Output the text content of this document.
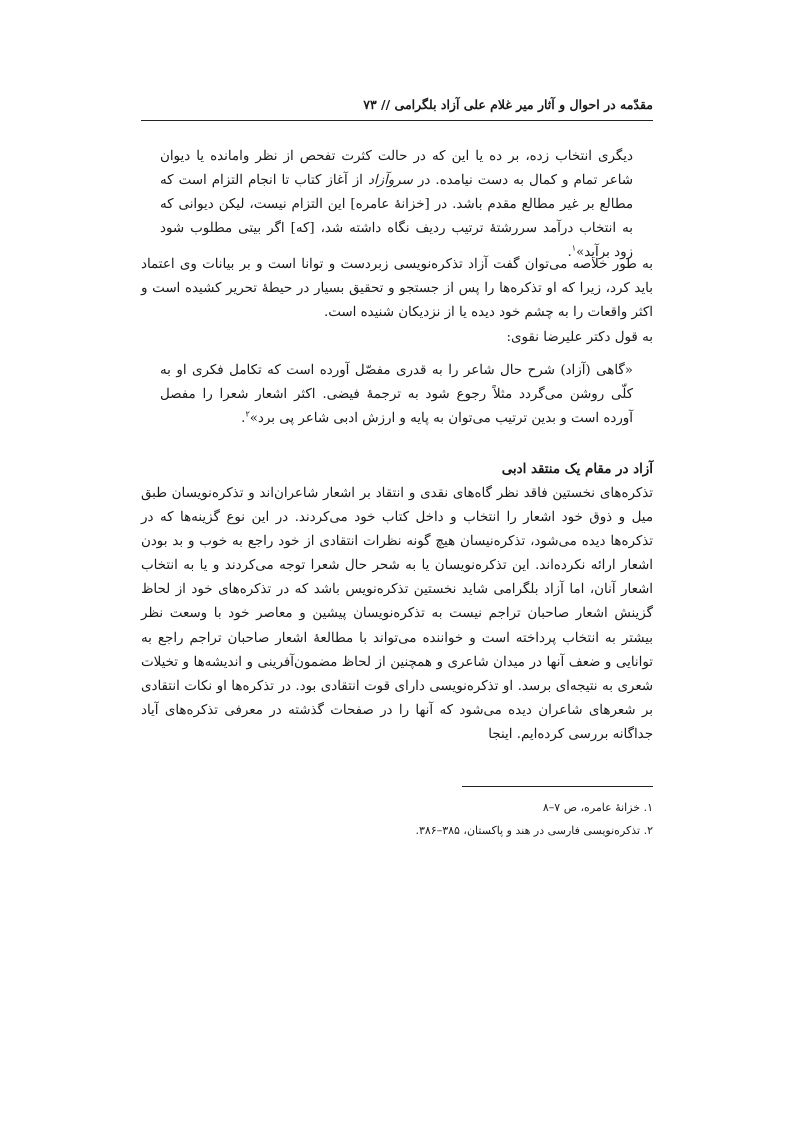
مقدّمه در احوال و آثار میر غلام علی آزاد بلگرامی // ۷۳
دیگری انتخاب زده، بر ده یا این که در حالت کثرت تفحص از نظر وامانده یا دیوان شاعر تمام و کمال به دست نیامده. در سروآزاد از آغاز کتاب تا انجام التزام است که مطالع بر غیر مطالع مقدم باشد. در [خزانهٔ عامره] این التزام نیست، لیکن دیوانی که به انتخاب درآمد سررشتهٔ ترتیب ردیف نگاه داشته شد، [که] اگر بیتی مطلوب شود زود برآید»$^۱$.
به طور خلاصه می‌توان گفت آزاد تذکره‌نویسی زبردست و توانا است و بر بیانات وی اعتماد باید کرد، زیرا که او تذکره‌ها را پس از جستجو و تحقیق بسیار در حیطهٔ تحریر کشیده است و اکثر واقعات را به چشم خود دیده یا از نزدیکان شنیده است.
به قول دکتر علیرضا نقوی:
«گاهی (آزاد) شرح حال شاعر را به قدری مفصّل آورده است که تکامل فکری او به کلّی روشن می‌گردد مثلاً رجوع شود به ترجمهٔ فیضی. اکثر اشعار شعرا را مفصل آورده است و بدین ترتیب می‌توان به پایه و ارزش ادبی شاعر پی برد»$^۲$.
آزاد در مقام یک منتقد ادبی
تذکره‌های نخستین فاقد نظر گاه‌های نقدی و انتقاد بر اشعار شاعران‌اند و تذکره‌نویسان طبق میل و ذوق خود اشعار را انتخاب و داخل کتاب خود می‌کردند. در این نوع گزینه‌ها که در تذکره‌ها دیده می‌شود، تذکره‌نیسان هیچ گونه نظرات انتقادی از خود راجع به خوب و بد بودن اشعار ارائه نکرده‌اند. این تذکره‌نویسان یا به شحر حال شعرا توجه می‌کردند و یا به انتخاب اشعار آنان، اما آزاد بلگرامی شاید نخستین تذکره‌نویس باشد که در تذکره‌های خود از لحاظ گزینش اشعار صاحبان تراجم نیست به تذکره‌نویسان پیشین و معاصر خود با وسعت نظر بیشتر به انتخاب پرداخته است و خواننده می‌تواند با مطالعهٔ اشعار صاحبان تراجم راجع به توانایی و ضعف آنها در میدان شاعری و همچنین از لحاظ مضمون‌آفرینی و اندیشه‌ها و تخیلات شعری به نتیجه‌ای برسد. او تذکره‌نویسی دارای قوت انتقادی بود. در تذکره‌ها او نکات انتقادی بر شعرهای شاعران دیده می‌شود که آنها را در صفحات گذشته در معرفی تذکره‌های آیاد جداگانه بررسی کرده‌ایم. اینجا
۱. خزانهٔ عامره، ص ۷–۸
۲. تذکره‌نویسی فارسی در هند و پاکستان، ۳۸۵–۳۸۶.
